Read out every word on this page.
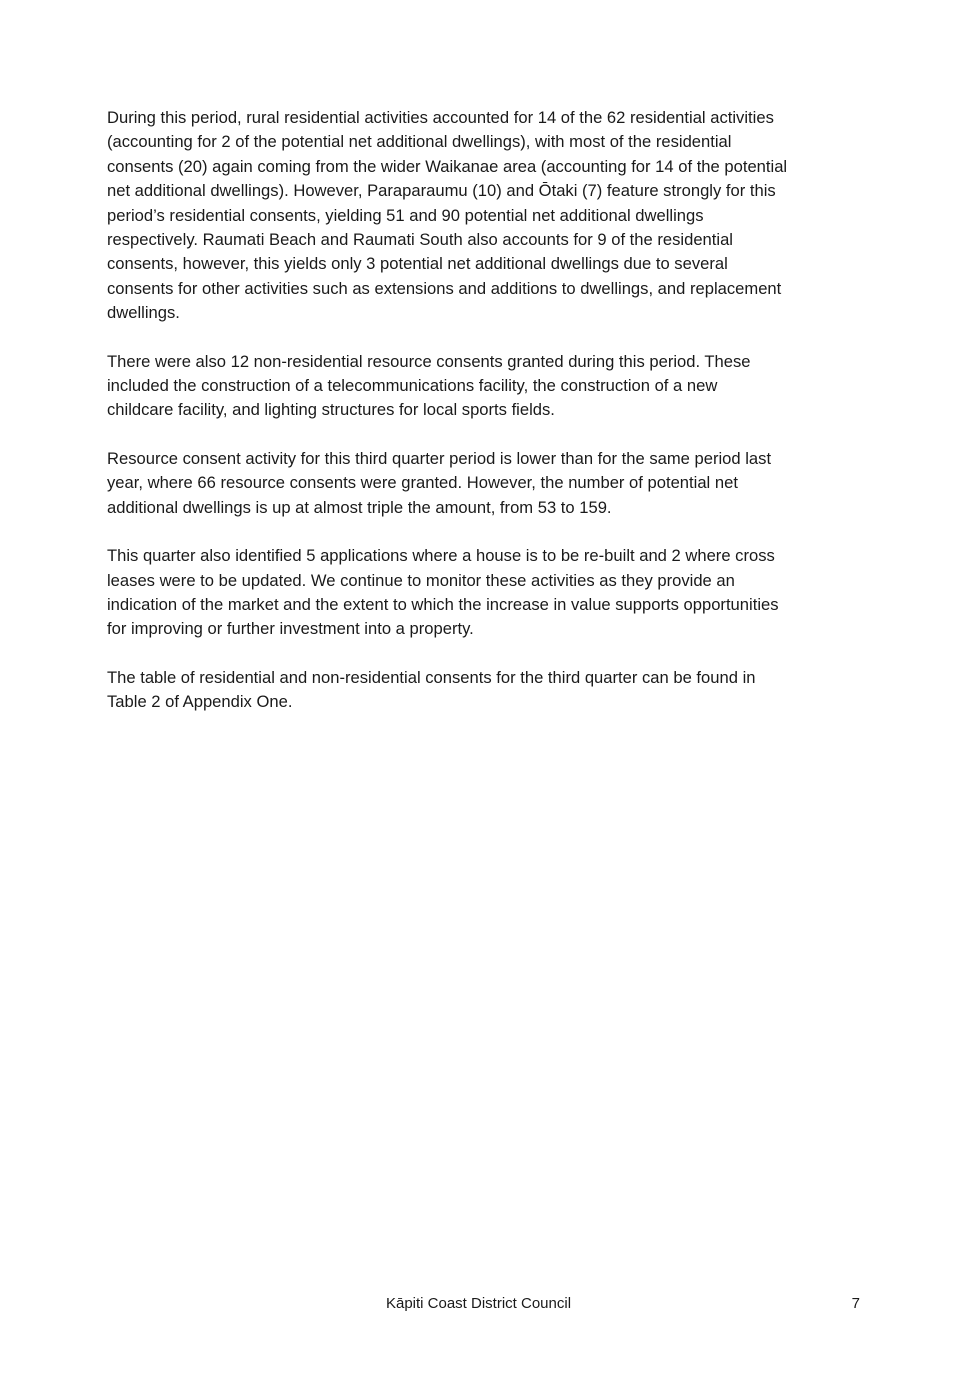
During this period, rural residential activities accounted for 14 of the 62 residential activities
(accounting for 2 of the potential net additional dwellings), with most of the residential
consents (20) again coming from the wider Waikanae area (accounting for 14 of the potential
net additional dwellings). However, Paraparaumu (10) and Ōtaki (7) feature strongly for this
period’s residential consents, yielding 51 and 90 potential net additional dwellings
respectively. Raumati Beach and Raumati South also accounts for 9 of the residential
consents, however, this yields only 3 potential net additional dwellings due to several
consents for other activities such as extensions and additions to dwellings, and replacement
dwellings.

There were also 12 non-residential resource consents granted during this period. These
included the construction of a telecommunications facility, the construction of a new
childcare facility, and lighting structures for local sports fields.

Resource consent activity for this third quarter period is lower than for the same period last
year, where 66 resource consents were granted. However, the number of potential net
additional dwellings is up at almost triple the amount, from 53 to 159.

This quarter also identified 5 applications where a house is to be re-built and 2 where cross
leases were to be updated. We continue to monitor these activities as they provide an
indication of the market and the extent to which the increase in value supports opportunities
for improving or further investment into a property.

The table of residential and non-residential consents for the third quarter can be found in
Table 2 of Appendix One.

Kāpiti Coast District Council	7
